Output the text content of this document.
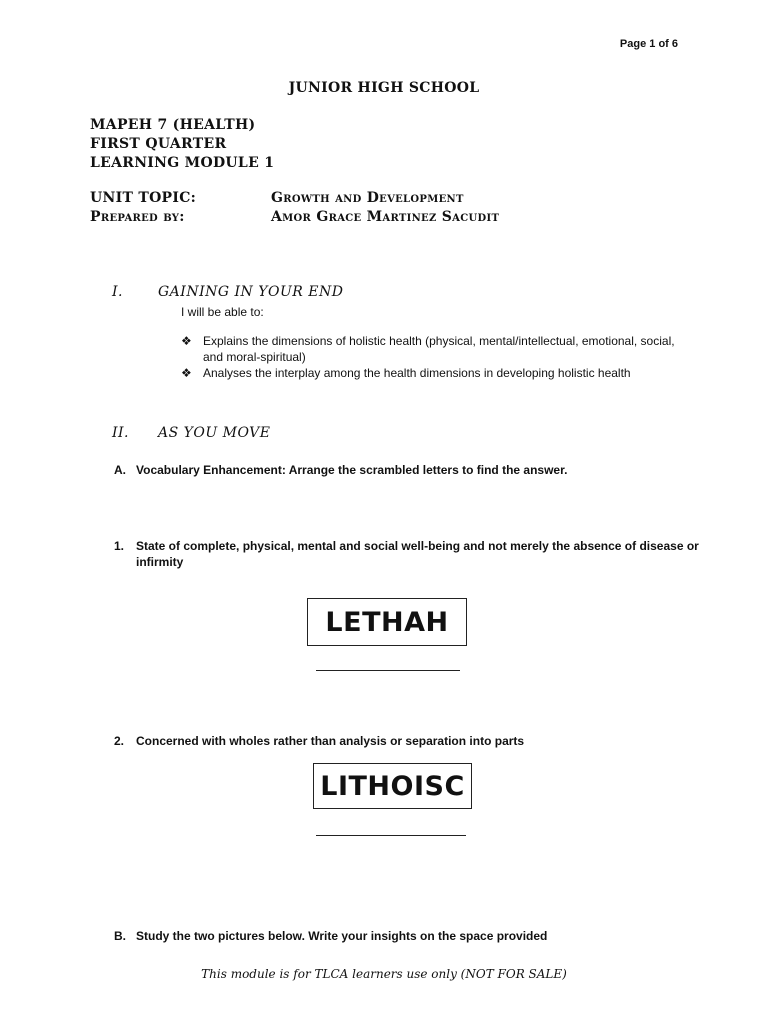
Page 1 of 6
JUNIOR HIGH SCHOOL
MAPEH 7 (HEALTH)
FIRST QUARTER
LEARNING MODULE 1
UNIT TOPIC:	Growth and Development
Prepared by:	Amor Grace Martinez Sacudit
I.	GAINING IN YOUR END
I will be able to:
❖ Explains the dimensions of holistic health (physical, mental/intellectual, emotional, social, and moral-spiritual)
❖ Analyses the interplay among the health dimensions in developing holistic health
II. AS YOU MOVE
A. Vocabulary Enhancement: Arrange the scrambled letters to find the answer.
1. State of complete, physical, mental and social well-being and not merely the absence of disease or
infirmity
LETHAH
2. Concerned with wholes rather than analysis or separation into parts
LITHOISC
B. Study the two pictures below. Write your insights on the space provided
This module is for TLCA learners use only (NOT FOR SALE)
